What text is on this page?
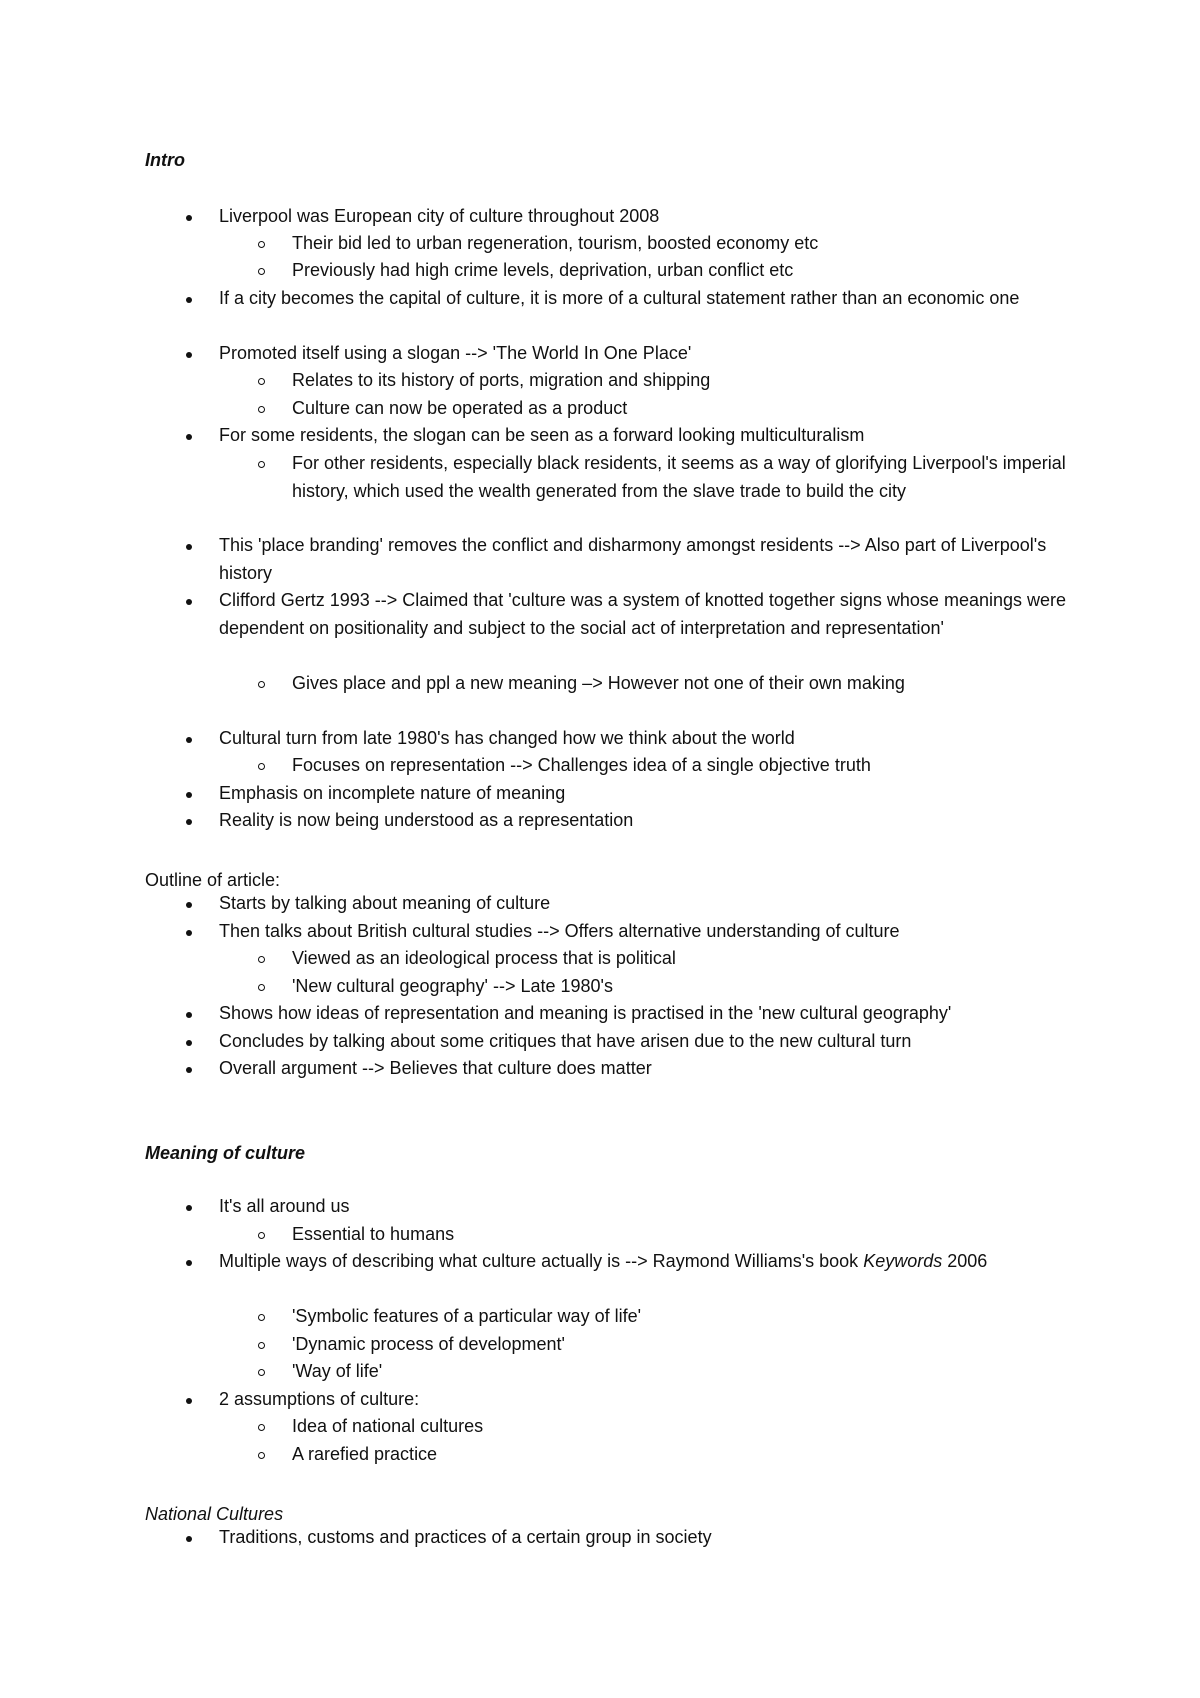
Intro
Liverpool was European city of culture throughout 2008
Their bid led to urban regeneration, tourism, boosted economy etc
Previously had high crime levels, deprivation, urban conflict etc
If a city becomes the capital of culture, it is more of a cultural statement rather than an economic one
Promoted itself using a slogan --> 'The World In One Place'
Relates to its history of ports, migration and shipping
Culture can now be operated as a product
For some residents, the slogan can be seen as a forward looking multiculturalism
For other residents, especially black residents, it seems as a way of glorifying Liverpool's imperial history, which used the wealth generated from the slave trade to build the city
This 'place branding' removes the conflict and disharmony amongst residents --> Also part of Liverpool's history
Clifford Gertz 1993 --> Claimed that 'culture was a system of knotted together signs whose meanings were dependent on positionality and subject to the social act of interpretation and representation'
Gives place and ppl a new meaning –> However not one of their own making
Cultural turn from late 1980's has changed how we think about the world
Focuses on representation --> Challenges idea of a single objective truth
Emphasis on incomplete nature of meaning
Reality is now being understood as a representation
Outline of article:
Starts by talking about meaning of culture
Then talks about British cultural studies --> Offers alternative understanding of culture
Viewed as an ideological process that is political
'New cultural geography' --> Late 1980's
Shows how ideas of representation and meaning is practised in the 'new cultural geography'
Concludes by talking about some critiques that have arisen due to the new cultural turn
Overall argument --> Believes that culture does matter
Meaning of culture
It's all around us
Essential to humans
Multiple ways of describing what culture actually is --> Raymond Williams's book Keywords 2006
'Symbolic features of a particular way of life'
'Dynamic process of development'
'Way of life'
2 assumptions of culture:
Idea of national cultures
A rarefied practice
National Cultures
Traditions, customs and practices of a certain group in society
